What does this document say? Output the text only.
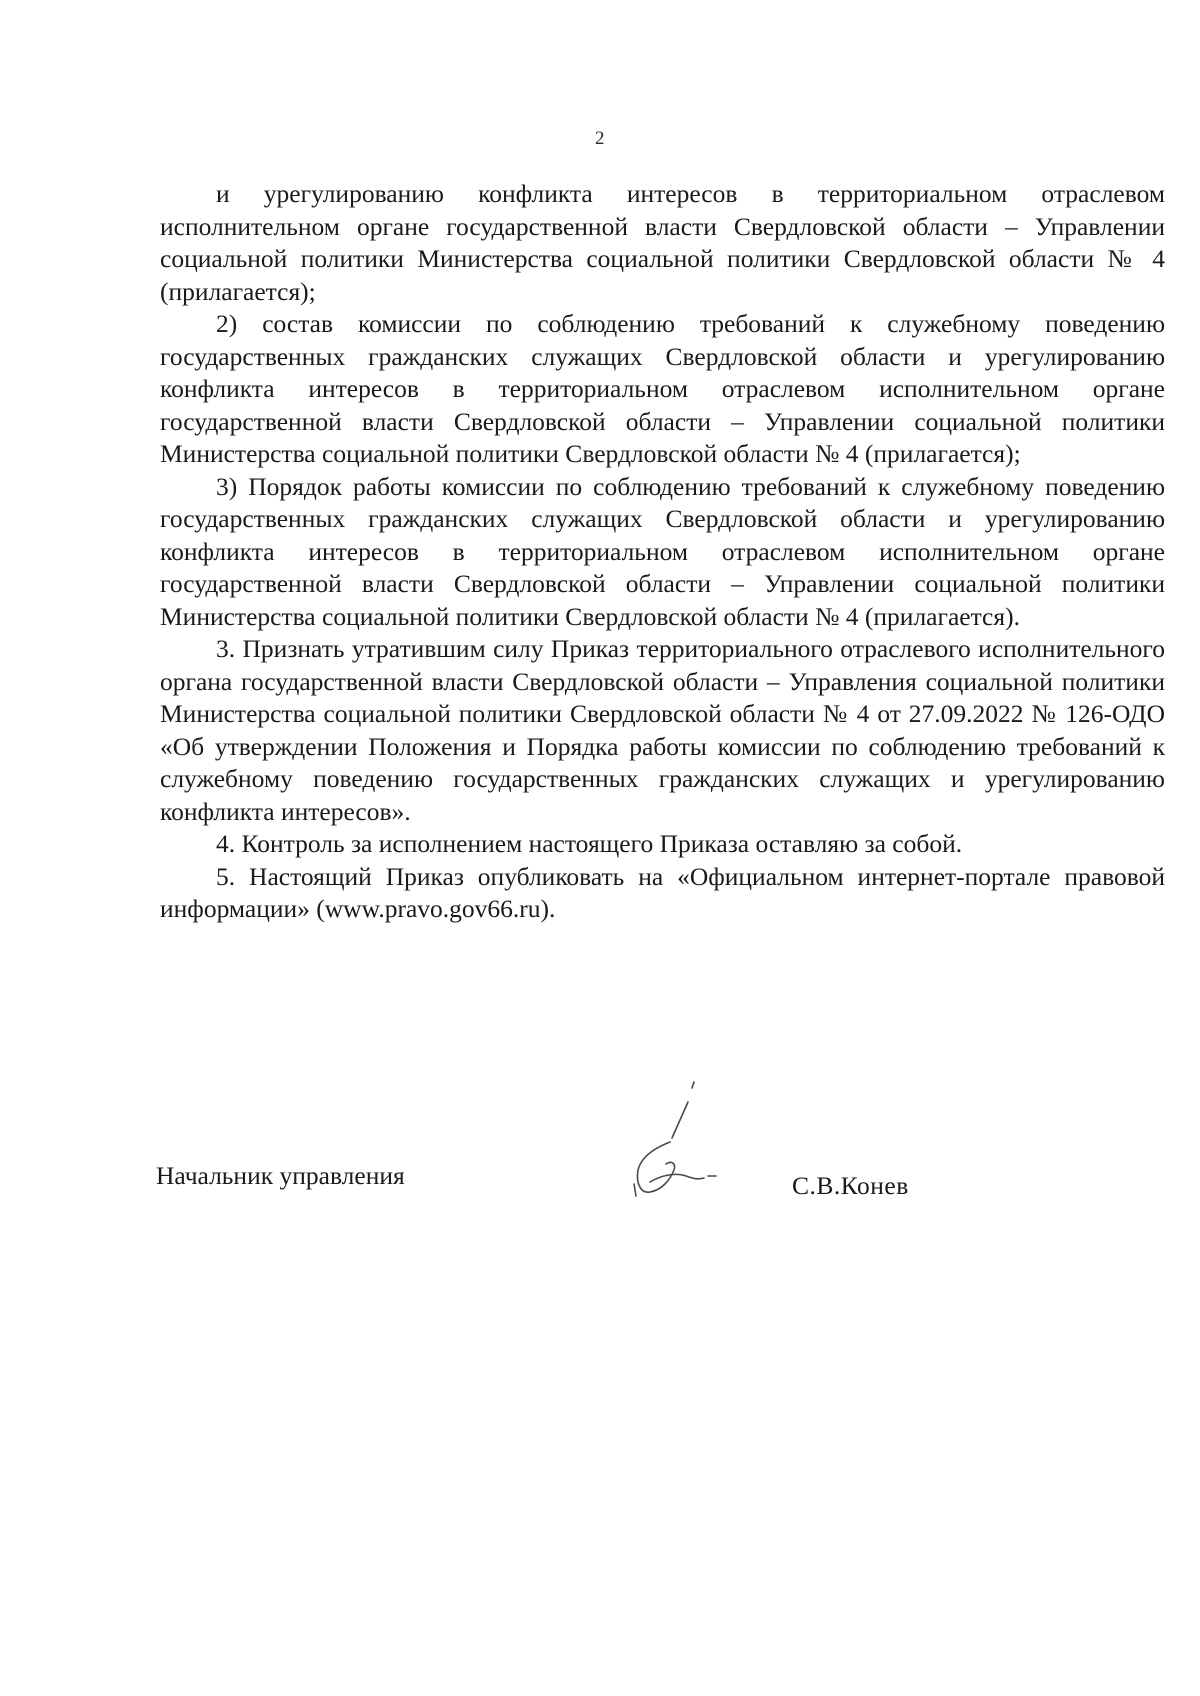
2

и урегулированию конфликта интересов в территориальном отраслевом исполнительном органе государственной власти Свердловской области – Управлении социальной политики Министерства социальной политики Свердловской области № 4 (прилагается);

2) состав комиссии по соблюдению требований к служебному поведению государственных гражданских служащих Свердловской области и урегулированию конфликта интересов в территориальном отраслевом исполнительном органе государственной власти Свердловской области – Управлении социальной политики Министерства социальной политики Свердловской области № 4 (прилагается);

3) Порядок работы комиссии по соблюдению требований к служебному поведению государственных гражданских служащих Свердловской области и урегулированию конфликта интересов в территориальном отраслевом исполнительном органе государственной власти Свердловской области – Управлении социальной политики Министерства социальной политики Свердловской области № 4 (прилагается).

3. Признать утратившим силу Приказ территориального отраслевого исполнительного органа государственной власти Свердловской области – Управления социальной политики Министерства социальной политики Свердловской области № 4 от 27.09.2022 № 126-ОДО «Об утверждении Положения и Порядка работы комиссии по соблюдению требований к служебному поведению государственных гражданских служащих и урегулированию конфликта интересов».

4. Контроль за исполнением настоящего Приказа оставляю за собой.

5. Настоящий Приказ опубликовать на «Официальном интернет-портале правовой информации» (www.pravo.gov66.ru).

Начальник управления	С.В.Конев
